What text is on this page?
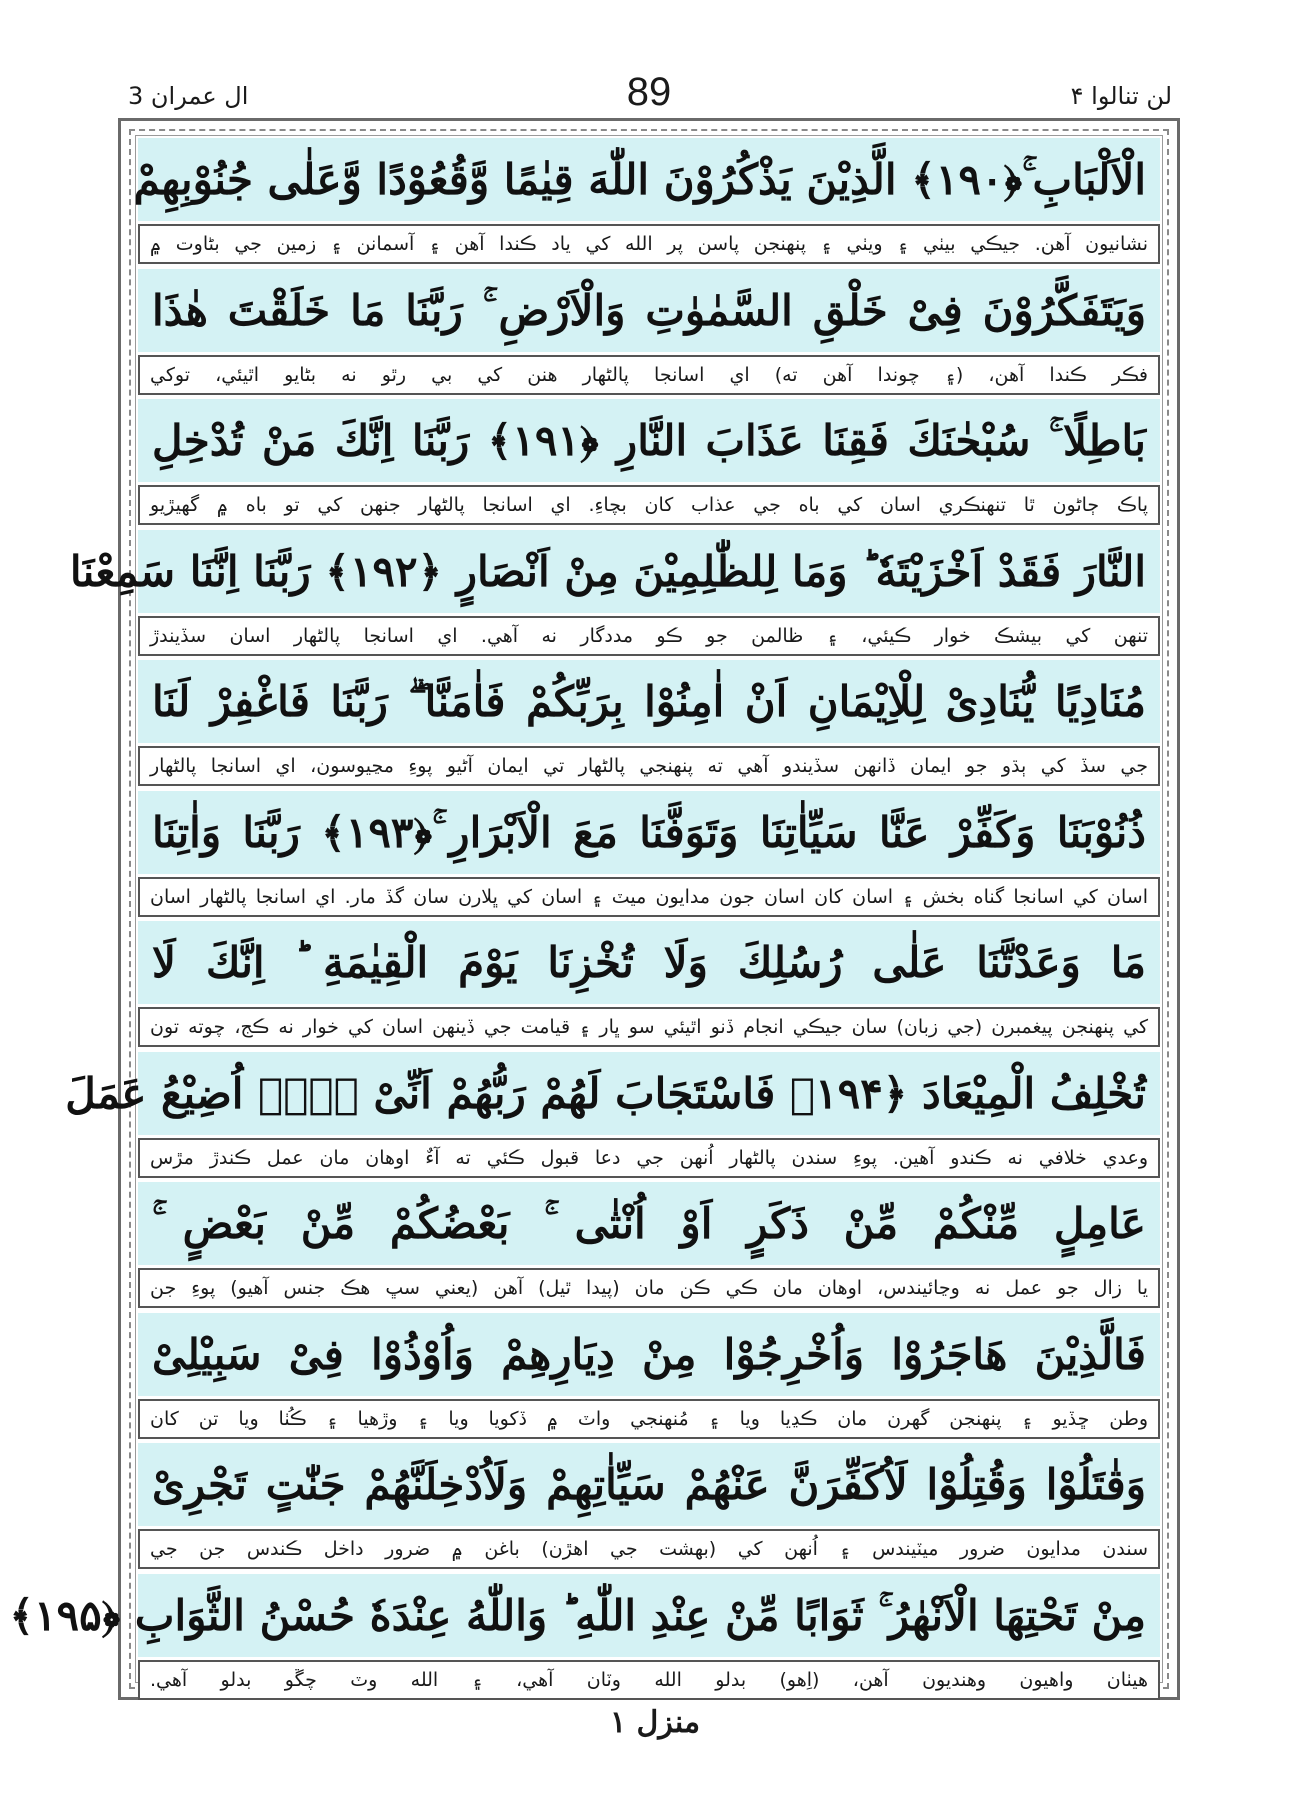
ال عمران 3	89	لن تنالوا ۴
الْاَلْبَابِ ۚ﴿۱۹۰﴾ الَّذِیْنَ یَذْکُرُوْنَ اللّٰهَ قِیٰمًا وَّقُعُوْدًا وَّعَلٰی جُنُوْبِهِمْ
نشانيون آهن. جيڪي بيٺي ۽ ويٺي ۽ پنهنجن پاسن پر الله کي ياد ڪندا آهن ۽ آسمانن ۽ زمين جي بڻاوت ۾
وَیَتَفَکَّرُوْنَ فِیْ خَلْقِ السَّمٰوٰتِ وَالْاَرْضِ ۚ رَبَّنَا مَا خَلَقْتَ هٰذَا
فڪر ڪندا آهن، (۽ چوندا آهن ته) اي اسانجا پالڻهار هنن کي بي رٿو نه بڻايو اٿيئي، توکي
بَاطِلًا ۚ سُبْحٰنَكَ فَقِنَا عَذَابَ النَّارِ ﴿۱۹۱﴾ رَبَّنَا اِنَّكَ مَنْ تُدْخِلِ
پاڪ ڄاڻون ٿا تنهنڪري اسان کي باه جي عذاب کان بچاءِ. اي اسانجا پالڻهار جنهن کي تو باه ۾ گهيڙيو
النَّارَ فَقَدْ اَخْزَیْتَهٗ ؕ وَمَا لِلظّٰلِمِیْنَ مِنْ اَنْصَارٍ ﴿۱۹۲﴾ رَبَّنَا اِنَّنَا سَمِعْنَا
تنهن کي بيشڪ خوار ڪيئي، ۽ ظالمن جو ڪو مددگار نه آهي. اي اسانجا پالڻهار اسان سڏيندڙ
مُنَادِیًا یُّنَادِیْ لِلْاِیْمَانِ اَنْ اٰمِنُوْا بِرَبِّکُمْ فَاٰمَنَّا ۖۗ رَبَّنَا فَاغْفِرْ لَنَا
جي سڏ کي ٻڌو جو ايمان ڏانهن سڏيندو آهي ته پنهنجي پالڻهار تي ايمان آڻيو پوءِ مڃيوسون، اي اسانجا پالڻهار
ذُنُوْبَنَا وَکَفِّرْ عَنَّا سَیِّاٰتِنَا وَتَوَفَّنَا مَعَ الْاَبْرَارِ ۚ﴿۱۹۳﴾ رَبَّنَا وَاٰتِنَا
اسان کي اسانجا گناه بخش ۽ اسان کان اسان جون مدايون ميٽ ۽ اسان کي ڀلارن سان گڏ مار. اي اسانجا پالڻهار اسان
مَا وَعَدْتَّنَا عَلٰی رُسُلِكَ وَلَا تُخْزِنَا یَوْمَ الْقِیٰمَةِ ؕ اِنَّكَ لَا
کي پنهنجن پيغمبرن (جي زبان) سان جيڪي انجام ڏنو اٿيئي سو ڀار ۽ قيامت جي ڏينهن اسان کي خوار نه ڪج، چوته تون
تُخْلِفُ الْمِیْعَادَ ﴿۱۹۴﴾ فَاسْتَجَابَ لَهُمْ رَبُّهُمْ اَنِّیْ لَاۤ اُضِیْعُ عَمَلَ
وعدي خلافي نه ڪندو آهين. پوءِ سندن پالڻهار اُنهن جي دعا قبول ڪئي ته آءٌ اوهان مان عمل ڪندڙ مڙس
عَامِلٍ مِّنْکُمْ مِّنْ ذَکَرٍ اَوْ اُنْثٰی ۚ بَعْضُکُمْ مِّنْ بَعْضٍ ۚ
يا زال جو عمل نه وڃائيندس، اوهان مان ڪي ڪن مان (پيدا ٿيل) آهن (يعني سڀ هڪ جنس آهيو) پوءِ جن
فَالَّذِیْنَ هَاجَرُوْا وَاُخْرِجُوْا مِنْ دِیَارِهِمْ وَاُوْذُوْا فِیْ سَبِیْلِیْ
وطن ڇڏيو ۽ پنهنجن گهرن مان ڪڍيا ويا ۽ مُنهنجي واٽ ۾ ڏکويا ويا ۽ وڙهيا ۽ ڪُٺا ويا تن کان
وَقٰتَلُوْا وَقُتِلُوْا لَاُکَفِّرَنَّ عَنْهُمْ سَیِّاٰتِهِمْ وَلَاُدْخِلَنَّهُمْ جَنّٰتٍ تَجْرِیْ
سندن مدايون ضرور ميٽيندس ۽ اُنهن کي (بهشت جي اهڙن) باغن ۾ ضرور داخل ڪندس جن جي
مِنْ تَحْتِهَا الْاَنْهٰرُ ۚ ثَوَابًا مِّنْ عِنْدِ اللّٰهِ ؕ وَاللّٰهُ عِنْدَهٗ حُسْنُ الثَّوَابِ ﴿۱۹۵﴾
هيٺان واهيون وهنديون آهن، (اِهو) بدلو الله وٽان آهي، ۽ الله وٽ چڱو بدلو آهي.
منزل ۱
